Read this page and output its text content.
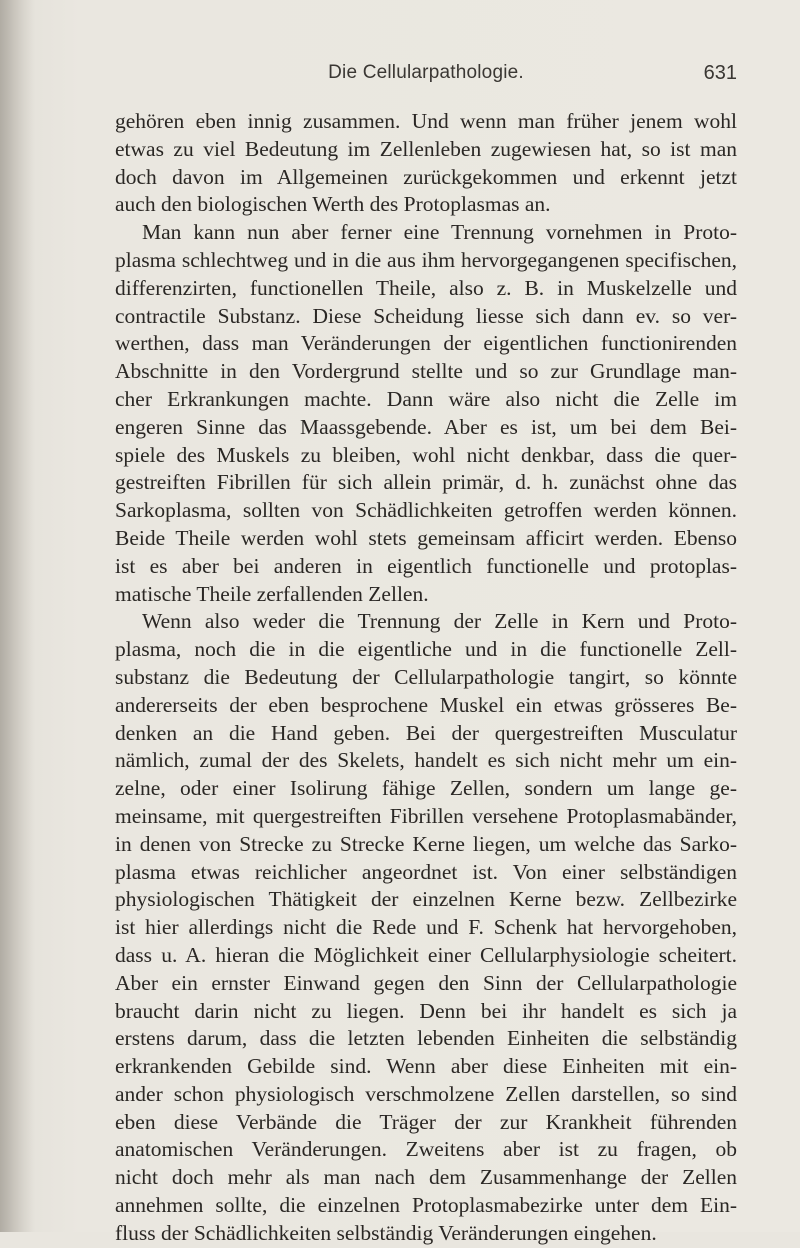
Die Cellularpathologie.	631

gehören eben innig zusammen. Und wenn man früher jenem wohl
etwas zu viel Bedeutung im Zellenleben zugewiesen hat, so ist man
doch davon im Allgemeinen zurückgekommen und erkennt jetzt
auch den biologischen Werth des Protoplasmas an.

Man kann nun aber ferner eine Trennung vornehmen in Proto-
plasma schlechtweg und in die aus ihm hervorgegangenen specifischen,
differenzirten, functionellen Theile, also z. B. in Muskelzelle und
contractile Substanz. Diese Scheidung liesse sich dann ev. so ver-
werthen, dass man Veränderungen der eigentlichen functionirenden
Abschnitte in den Vordergrund stellte und so zur Grundlage man-
cher Erkrankungen machte. Dann wäre also nicht die Zelle im
engeren Sinne das Maassgebende. Aber es ist, um bei dem Bei-
spiele des Muskels zu bleiben, wohl nicht denkbar, dass die quer-
gestreiften Fibrillen für sich allein primär, d. h. zunächst ohne das
Sarkoplasma, sollten von Schädlichkeiten getroffen werden können.
Beide Theile werden wohl stets gemeinsam afficirt werden. Ebenso
ist es aber bei anderen in eigentlich functionelle und protoplas-
matische Theile zerfallenden Zellen.

Wenn also weder die Trennung der Zelle in Kern und Proto-
plasma, noch die in die eigentliche und in die functionelle Zell-
substanz die Bedeutung der Cellularpathologie tangirt, so könnte
andererseits der eben besprochene Muskel ein etwas grösseres Be-
denken an die Hand geben. Bei der quergestreiften Musculatur
nämlich, zumal der des Skelets, handelt es sich nicht mehr um ein-
zelne, oder einer Isolirung fähige Zellen, sondern um lange ge-
meinsame, mit quergestreiften Fibrillen versehene Protoplasmabänder,
in denen von Strecke zu Strecke Kerne liegen, um welche das Sarko-
plasma etwas reichlicher angeordnet ist. Von einer selbständigen
physiologischen Thätigkeit der einzelnen Kerne bezw. Zellbezirke
ist hier allerdings nicht die Rede und F. Schenk hat hervorgehoben,
dass u. A. hieran die Möglichkeit einer Cellularphysiologie scheitert.
Aber ein ernster Einwand gegen den Sinn der Cellularpathologie
braucht darin nicht zu liegen. Denn bei ihr handelt es sich ja
erstens darum, dass die letzten lebenden Einheiten die selbständig
erkrankenden Gebilde sind. Wenn aber diese Einheiten mit ein-
ander schon physiologisch verschmolzene Zellen darstellen, so sind
eben diese Verbände die Träger der zur Krankheit führenden
anatomischen Veränderungen. Zweitens aber ist zu fragen, ob
nicht doch mehr als man nach dem Zusammenhange der Zellen
annehmen sollte, die einzelnen Protoplasmabezirke unter dem Ein-
fluss der Schädlichkeiten selbständig Veränderungen eingehen.
